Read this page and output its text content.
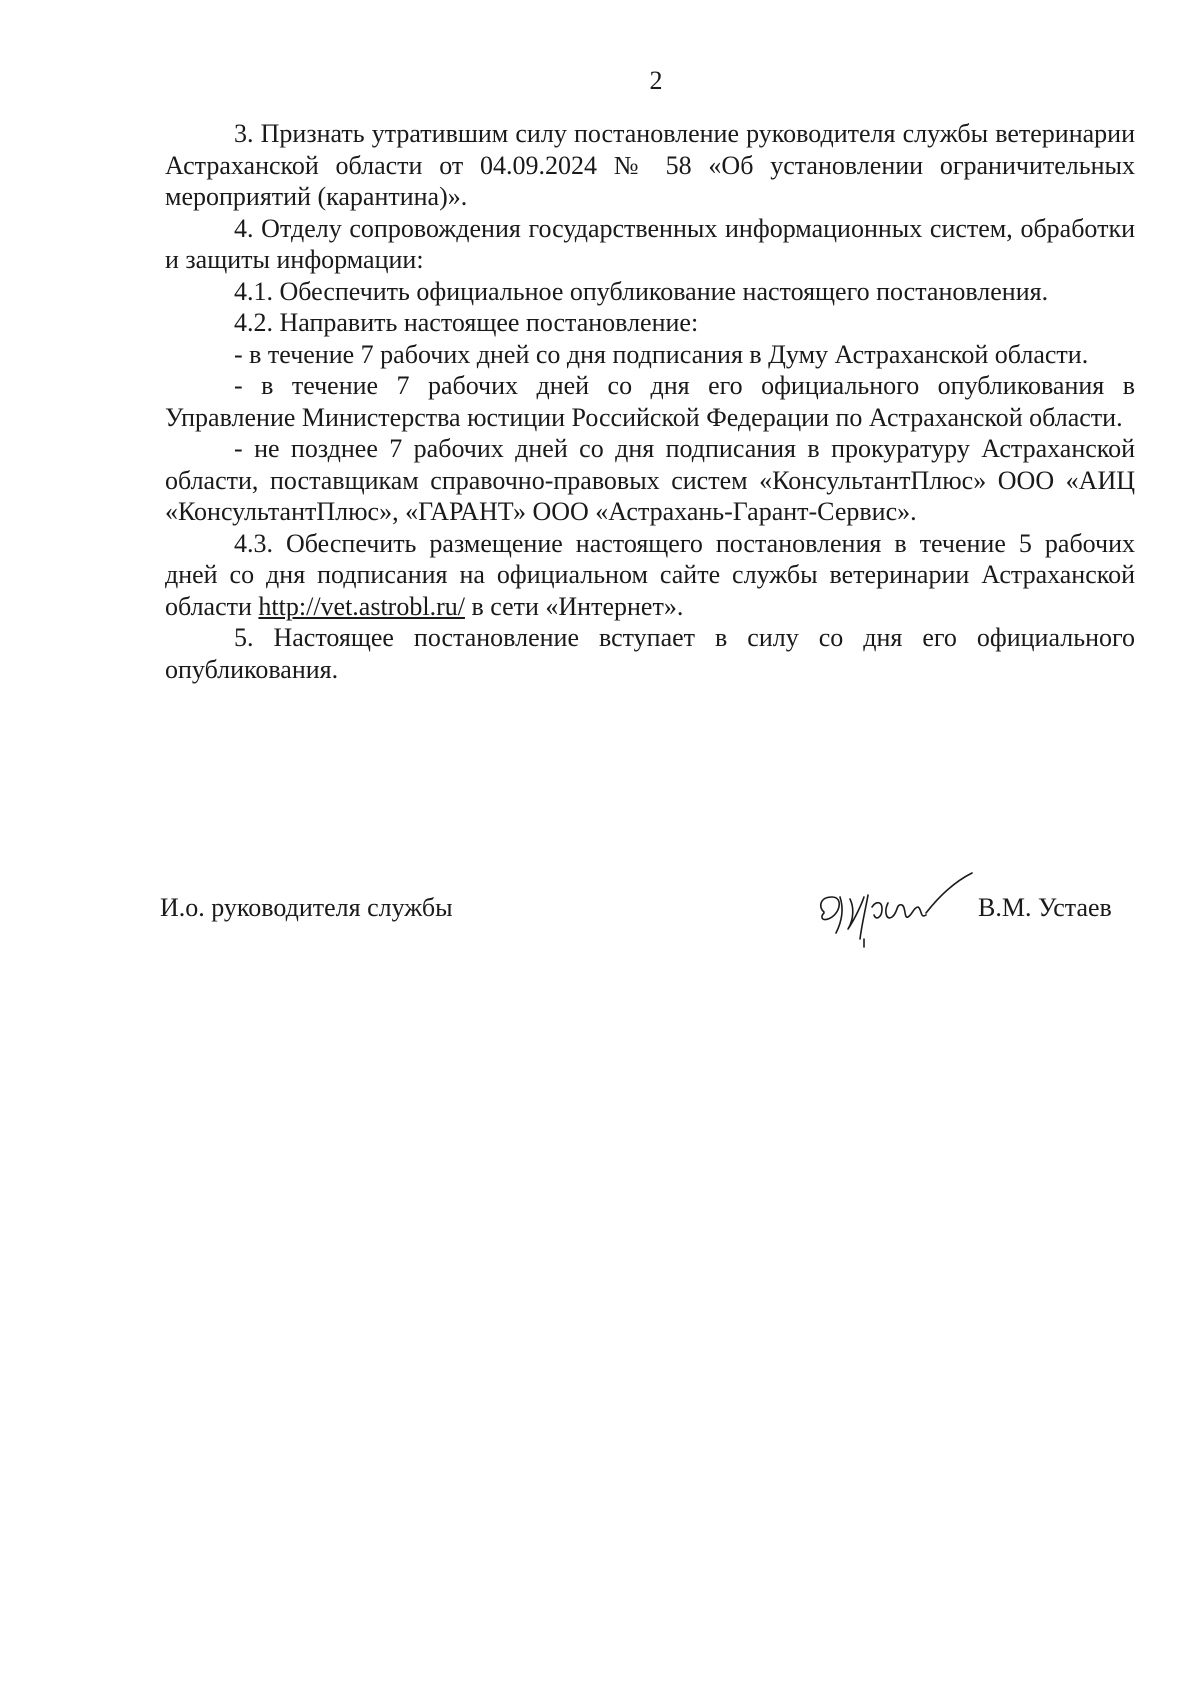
2

3. Признать утратившим силу постановление руководителя службы ветеринарии Астраханской области от 04.09.2024 № 58 «Об установлении ограничительных мероприятий (карантина)».

4. Отделу сопровождения государственных информационных систем, обработки и защиты информации:

4.1. Обеспечить официальное опубликование настоящего постановления.

4.2. Направить настоящее постановление:

- в течение 7 рабочих дней со дня подписания в Думу Астраханской области.

- в течение 7 рабочих дней со дня его официального опубликования в Управление Министерства юстиции Российской Федерации по Астраханской области.

- не позднее 7 рабочих дней со дня подписания в прокуратуру Астраханской области, поставщикам справочно-правовых систем «КонсультантПлюс» ООО «АИЦ «КонсультантПлюс», «ГАРАНТ» ООО «Астрахань-Гарант-Сервис».

4.3. Обеспечить размещение настоящего постановления в течение 5 рабочих дней со дня подписания на официальном сайте службы ветеринарии Астраханской области http://vet.astrobl.ru/ в сети «Интернет».

5. Настоящее постановление вступает в силу со дня его официального опубликования.

И.о. руководителя службы	В.М. Устаев
